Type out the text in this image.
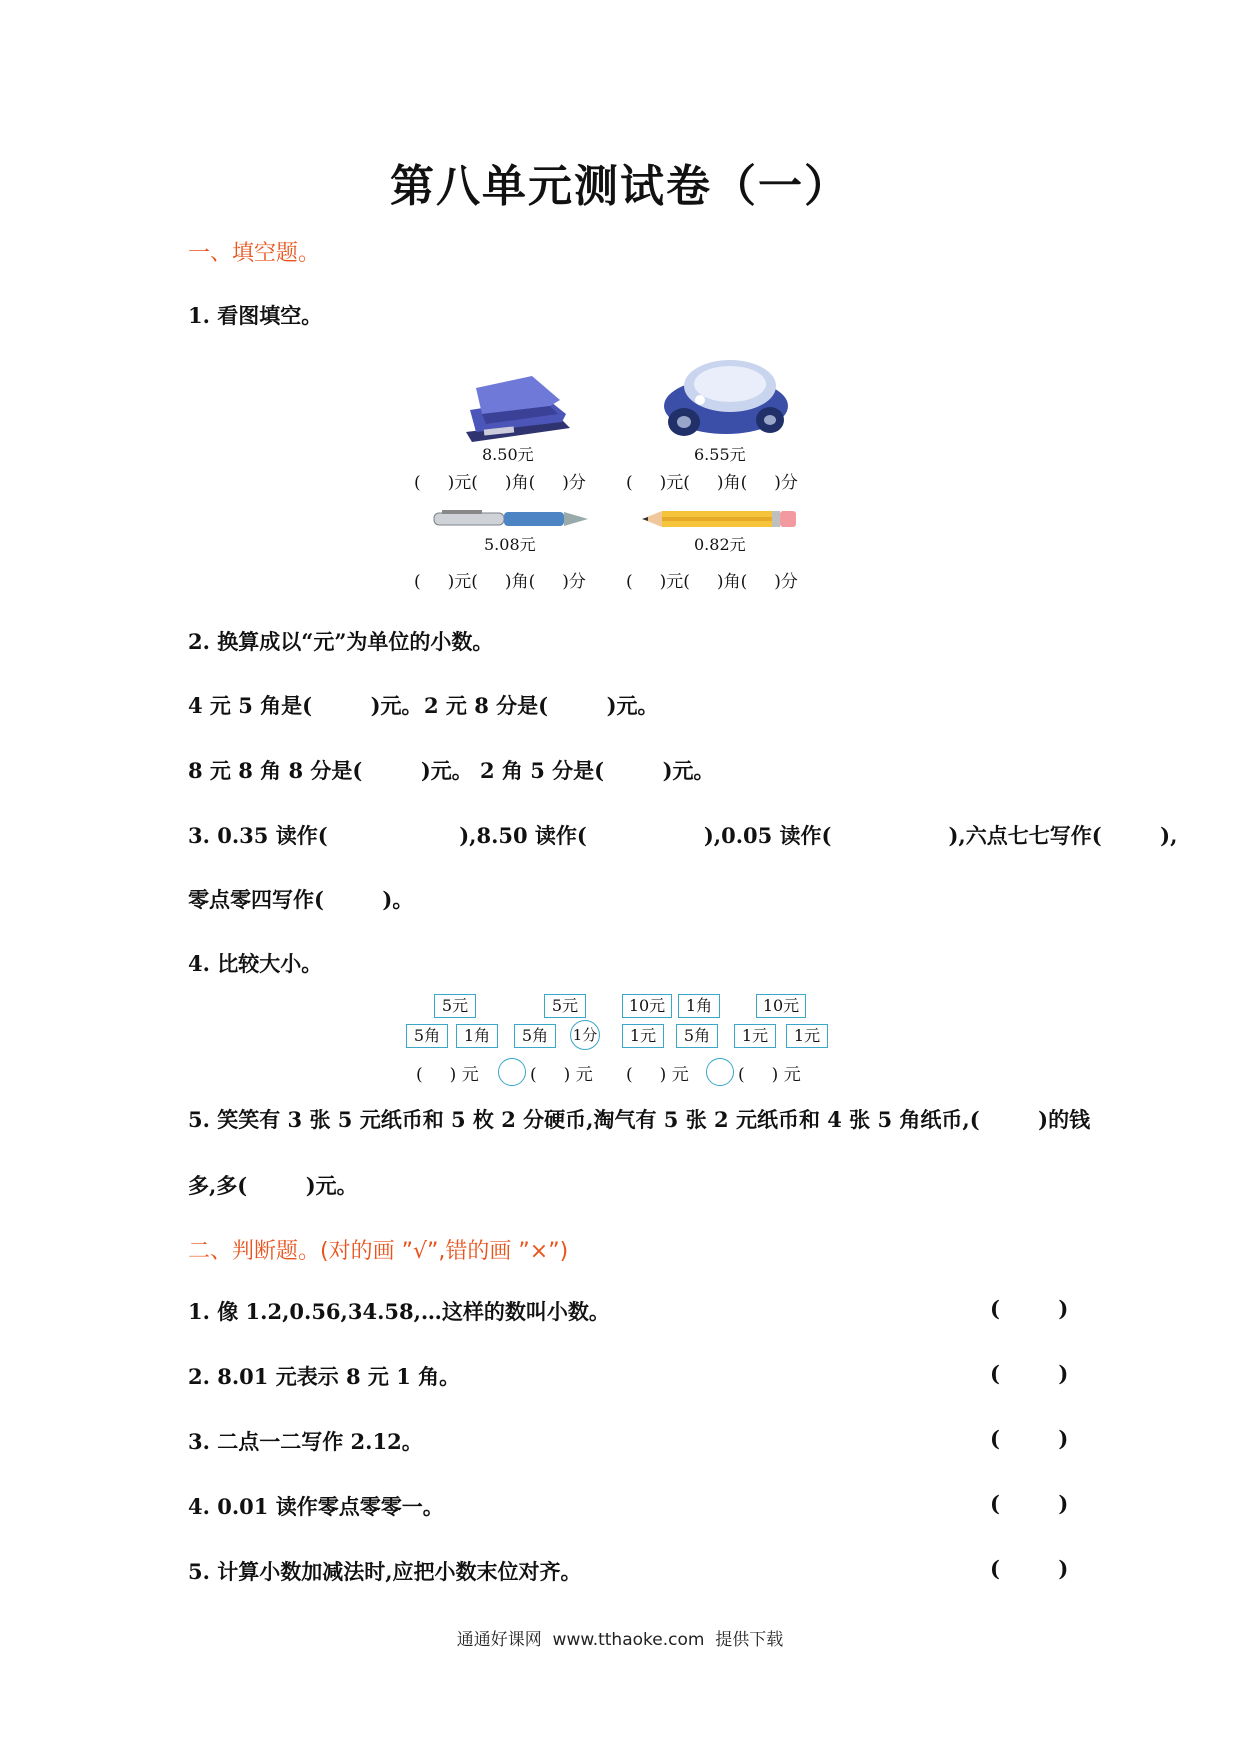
第八单元测试卷（一）
一、填空题。
1. 看图填空。
8.50元	6.55元
(     )元(     )角(     )分 (     )元(     )角(     )分
5.08元	0.82元
(     )元(     )角(     )分 (     )元(     )角(     )分
2. 换算成以“元”为单位的小数。
4 元 5 角是(        )元。 2 元 8 分是(        )元。
8 元 8 角 8 分是(        )元。 2 角 5 分是(        )元。
3. 0.35 读作(                  ),8.50 读作(                ),0.05 读作(                ),六点七七写作(        ),
零点零四写作(        )。
4. 比较大小。
5元	5元	10元	1角	10元
5角	1角	5角	1分	1元	5角	1元	1元
(     ) 元	(     ) 元 (     ) 元	(     ) 元
5. 笑笑有 3 张 5 元纸币和 5 枚 2 分硬币,淘气有 5 张 2 元纸币和 4 张 5 角纸币,(        )的钱
多,多(        )元。
二、判断题。(对的画 ”√”,错的画 ”×”)
1. 像 1.2,0.56,34.58,…这样的数叫小数。	(        )
2. 8.01 元表示 8 元 1 角。	(        )
3. 二点一二写作 2.12。	(        )
4. 0.01 读作零点零零一。	(        )
5. 计算小数加减法时,应把小数末位对齐。	(        )
通通好课网  www.tthaoke.com  提供下载
